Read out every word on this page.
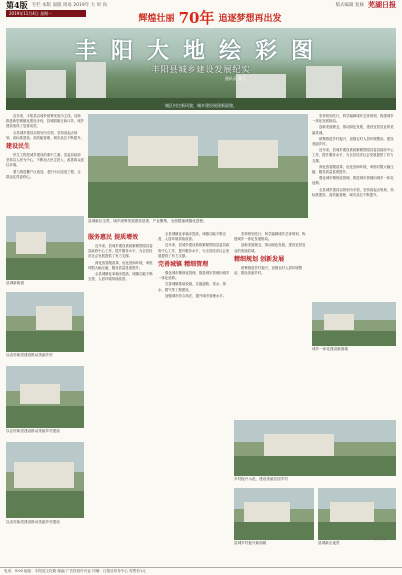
第4版 专栏 本版 面版 周易 2019年 大 时 尚	版式编辑 复核 芜湖日报
2019年11月4日 星期一
辉煌壮丽 70年 追逐梦想再出发
丰阳大地绘彩图
丰阳县城乡建设发展纪实
通讯员 张立
城区村庄新风貌，城乡建设展现新面貌。

近年来，丰阳县以城乡统筹发展为主线，加快推进新型城镇化建设步伐，县城面貌日新月异，城乡建设取得了显著成效。

全县城乡建设以规划为引领，坚持高起点规划、高标准建设、高效能管理，城市品位不断提升。

建设民生

民生工程是城乡建设的重中之重。县委县政府坚持以人民为中心，不断加大民生投入，改善群众居住环境。

着力推进棚户区改造、老旧小区改造工程，让群众住得更舒心。

县城新街道
以农村新居建设推动美丽乡村
以农村新居建设推动美丽乡村建设
以农村新居建设推动美丽乡村建设
县城新区全景，城乡统筹发展建设显著、产业聚集，全面提速城镇化进程。
服务惠民 提质增效

近年来，县城乡建设系统紧紧围绕县委县政府中心工作，提升服务水平，为全县经济社会发展提供了有力支撑。

深化放管服改革，优化营商环境，审批时限大幅压缩，服务质量显著提升。

全县城镇化率稳步提高，城镇功能不断完善，人居环境持续改善。

全县城镇化率稳步提高，城镇功能不断完善，人居环境持续改善。

近年来，县城乡建设系统紧紧围绕县委县政府中心工作，提升服务水平，为全县经济社会发展提供了有力支撑。

完善城镇 精细管理

强化城市精细化管理，推进城市管理向城乡一体化延伸。

完善城镇基础设施，实施道路、供水、排水、燃气等工程建设。

加强城市综合执法，提升城市管理水平。

坚持规划先行，科学编制城乡总体规划，构建城乡一体化发展格局。

创新发展理念，推动绿色发展，建设宜居宜业的美丽县城。

精细规划 创新发展

统筹推进乡村振兴，加强农村人居环境整治，建设美丽乡村。

坚持规划先行，科学编制城乡总体规划，构建城乡一体化发展格局。

创新发展理念，推动绿色发展，建设宜居宜业的美丽县城。

统筹推进乡村振兴，加强农村人居环境整治，建设美丽乡村。

近年来，县城乡建设系统紧紧围绕县委县政府中心工作，提升服务水平，为全县经济社会发展提供了有力支撑。

深化放管服改革，优化营商环境，审批时限大幅压缩，服务质量显著提升。

强化城市精细化管理，推进城市管理向城乡一体化延伸。

全县城乡建设以规划为引领，坚持高起点规划、高标准建设、高效能管理，城市品位不断提升。

城乡一体化建设新面貌
乡村振兴示范，建设美丽宜居乡村
县城乡村振兴新面貌	县城新区夜景
新华社
电话：9:00 地址：丰阳县文化路 邮编 广告经营许可证 印刷：日报社印务中心 零售价1元
